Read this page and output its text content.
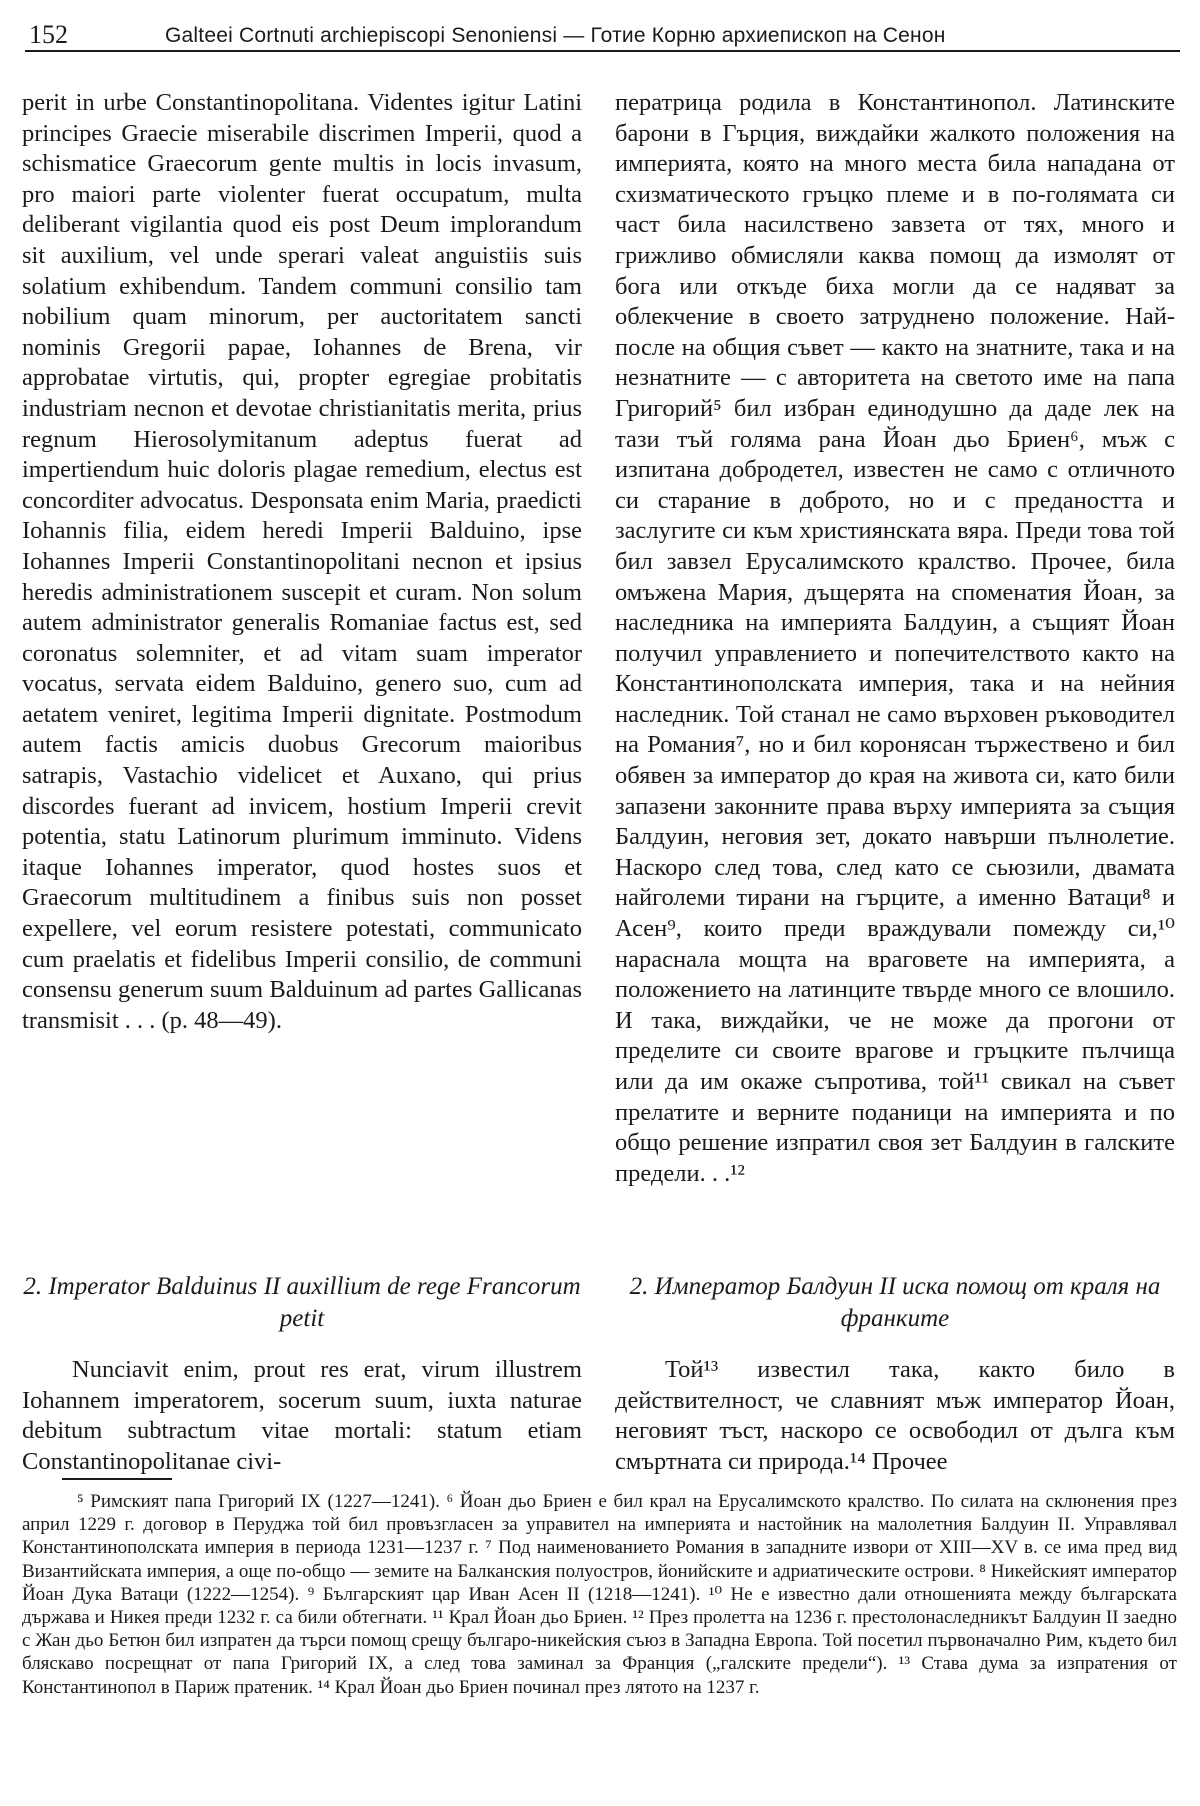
152	Galteei Cortnuti archiepiscopi Senoniensi — Готие Корню архиепископ на Сенон
perit in urbe Constantinopolitana. Videntes igitur Latini principes Graecie miserabile discrimen Imperii, quod a schismatice Graecorum gente multis in locis invasum, pro maiori parte violenter fuerat occupatum, multa deliberant vigilantia quod eis post Deum implorandum sit auxilium, vel unde sperari valeat anguistiis suis solatium exhibendum. Tandem communi consilio tam nobilium quam minorum, per auctoritatem sancti nominis Gregorii papae, Iohannes de Brena, vir approbatae virtutis, qui, propter egregiae probitatis industriam necnon et devotae christianitatis merita, prius regnum Hierosolymitanum adeptus fuerat ad impertiendum huic doloris plagae remedium, electus est concorditer advocatus. Desponsata enim Maria, praedicti Iohannis filia, eidem heredi Imperii Balduino, ipse Iohannes Imperii Constantinopolitani necnon et ipsius heredis administrationem suscepit et curam. Non solum autem administrator generalis Romaniae factus est, sed coronatus solemniter, et ad vitam suam imperator vocatus, servata eidem Balduino, genero suo, cum ad aetatem veniret, legitima Imperii dignitate. Postmodum autem factis amicis duobus Grecorum maioribus satrapis, Vastachio videlicet et Auxano, qui prius discordes fuerant ad invicem, hostium Imperii crevit potentia, statu Latinorum plurimum imminuto. Videns itaque Iohannes imperator, quod hostes suos et Graecorum multitudinem a finibus suis non posset expellere, vel eorum resistere potestati, communicato cum praelatis et fidelibus Imperii consilio, de communi consensu generum suum Balduinum ad partes Gallicanas transmisit . . . (p. 48—49).
ператрица родила в Константинопол. Латинските барони в Гърция, виждайки жалкото положения на империята, която на много места била нападана от схизматическото гръцко племе и в по-голямата си част била насилствено завзета от тях, много и грижливо обмисляли каква помощ да измолят от бога или откъде биха могли да се надяват за облекчение в своето затруднено положение. Най-после на общия съвет — както на знатните, така и на незнатните — с авторитета на светото име на папа Григорий⁵ бил избран единодушно да даде лек на тази тъй голяма рана Йоан дьо Бриен⁶, мъж с изпитана добродетел, известен не само с отличното си старание в доброто, но и с предаността и заслугите си към християнската вяра. Преди това той бил завзел Ерусалимското кралство. Прочее, била омъжена Мария, дъщерята на споменатия Йоан, за наследника на империята Балдуин, а същият Йоан получил управлението и попечителството както на Константинополската империя, така и на нейния наследник. Той станал не само върховен ръководител на Романия⁷, но и бил коронясан тържествено и бил обявен за император до края на живота си, като били запазени законните права върху империята за същия Балдуин, неговия зет, докато навърши пълнолетие. Наскоро след това, след като се сьюзили, двамата найголеми тирани на гърците, а именно Ватаци⁸ и Асен⁹, които преди враждували помежду си,¹⁰ нараснала мощта на враговете на империята, а положението на латинците твърде много се влошило. И така, виждайки, че не може да прогони от пределите си своите врагове и гръцките пълчища или да им окаже съпротива, той¹¹ свикал на съвет прелатите и верните поданици на империята и по общо решение изпратил своя зет Балдуин в галските предели. . .¹²
2. Imperator Balduinus II auxillium de rege Francorum petit
2. Император Балдуин II иска помощ от краля на франките
Nunciavit enim, prout res erat, virum illustrem Iohannem imperatorem, socerum suum, iuxta naturae debitum subtractum vitae mortali: statum etiam Constantinopolitanae civi-
Той¹³ известил така, както било в действителност, че славният мъж император Йоан, неговият тъст, наскоро се освободил от дълга към смъртната си природа.¹⁴ Прочее

⁵ Римският папа Григорий IX (1227—1241). ⁶ Йоан дьо Бриен е бил крал на Ерусалимското кралство. По силата на склюнения през април 1229 г. договор в Перуджа той бил провъзгласен за управител на империята и настойник на малолетния Балдуин II. Управлявал Константинополската империя в периода 1231—1237 г. ⁷ Под наименованието Романия в западните извори от XIII—XV в. се има пред вид Византийската империя, а още по-общо — земите на Балканския полуостров, йонийските и адриатическите острови. ⁸ Никейският император Йоан Дука Ватаци (1222—1254). ⁹ Българският цар Иван Асен II (1218—1241). ¹⁰ Не е известно дали отношенията между българската държава и Никея преди 1232 г. са били обтегнати. ¹¹ Крал Йоан дьо Бриен. ¹² През пролетта на 1236 г. престолонаследникът Балдуин II заедно с Жан дьо Бетюн бил изпратен да търси помощ срещу българо-никейския съюз в Западна Европа. Той посетил първоначално Рим, където бил бляскаво посрещнат от папа Григорий IX, а след това заминал за Франция („галските предели“). ¹³ Става дума за изпратения от Константинопол в Париж пратеник. ¹⁴ Крал Йоан дьо Бриен починал през лятото на 1237 г.
